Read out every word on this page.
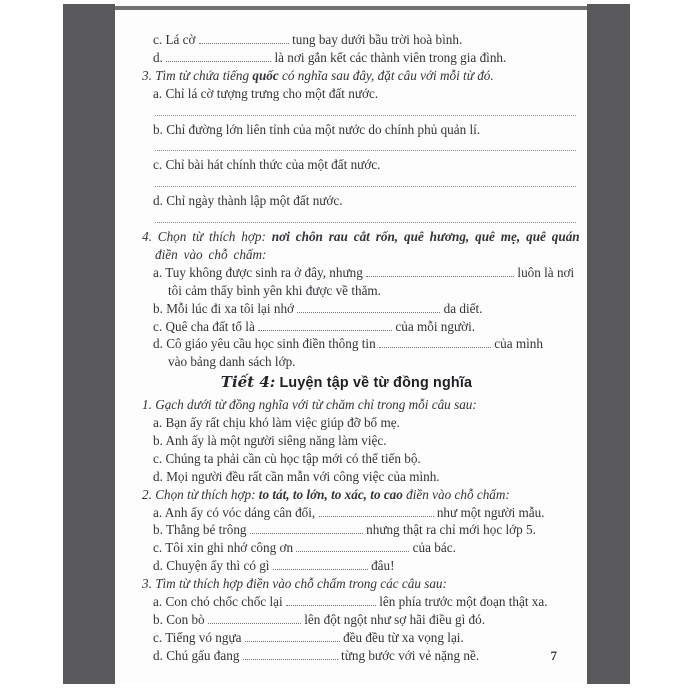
c. Lá cờ	tung bay dưới bầu trời hoà bình.
d.	là nơi gắn kết các thành viên trong gia đình.
3. Tìm từ chứa tiếng quốc có nghĩa sau đây, đặt câu với mỗi từ đó.
a. Chỉ lá cờ tượng trưng cho một đất nước.
b. Chỉ đường lớn liên tỉnh của một nước do chính phủ quản lí.
c. Chỉ bài hát chính thức của một đất nước.
d. Chỉ ngày thành lập một đất nước.
4. Chọn từ thích hợp: nơi chôn rau cắt rốn, quê hương, quê mẹ, quê quán
điền vào chỗ chấm:
a. Tuy không được sinh ra ở đây, nhưng	luôn là nơi
tôi cảm thấy bình yên khi được về thăm.
b. Mỗi lúc đi xa tôi lại nhớ	da diết.
c. Quê cha đất tổ là	của mỗi người.
d. Cô giáo yêu cầu học sinh điền thông tin	của mình
vào bảng danh sách lớp.
Tiết 4: Luyện tập về từ đồng nghĩa
1. Gạch dưới từ đồng nghĩa với từ chăm chỉ trong mỗi câu sau:
a. Bạn ấy rất chịu khó làm việc giúp đỡ bố mẹ.
b. Anh ấy là một người siêng năng làm việc.
c. Chúng ta phải cần cù học tập mới có thể tiến bộ.
d. Mọi người đều rất cần mẫn với công việc của mình.
2. Chọn từ thích hợp: to tát, to lớn, to xác, to cao điền vào chỗ chấm:
a. Anh ấy có vóc dáng cân đối,	như một người mẫu.
b. Thằng bé trông	nhưng thật ra chỉ mới học lớp 5.
c. Tôi xin ghi nhớ công ơn	của bác.
d. Chuyện ấy thì có gì	đâu!
3. Tìm từ thích hợp điền vào chỗ chấm trong các câu sau:
a. Con chó chốc chốc lại	lên phía trước một đoạn thật xa.
b. Con bò	lên đột ngột như sợ hãi điều gì đó.
c. Tiếng vó ngựa	đều đều từ xa vọng lại.
d. Chú gấu đang	từng bước với vẻ nặng nề.	7
